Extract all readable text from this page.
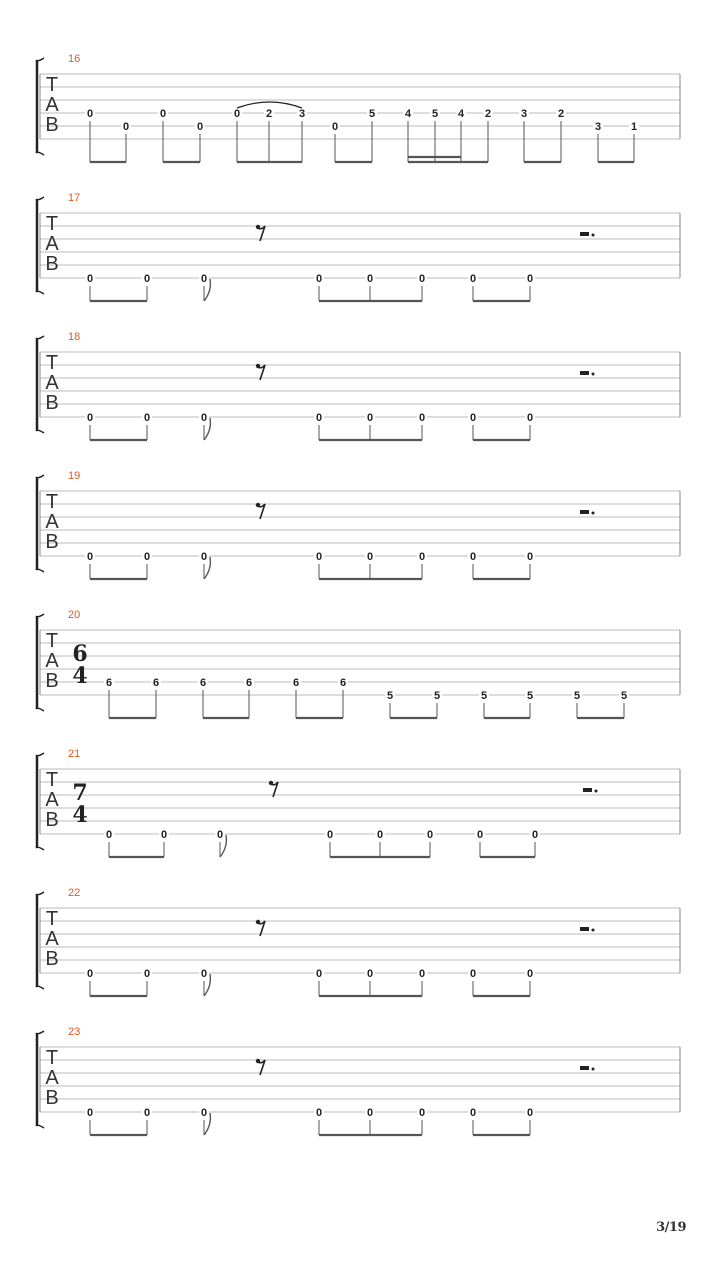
16
T
A
B	0
0
0
0
0 2 3
0
5	4 5 4 2	3	2
3	1
17
T
A
B
0	0	0	0	0	0	0	0
18
T
A
B
0	0	0	0	0	0	0	0
19
T
A
B
0	0	0	0	0	0	0	0
20
T
A
B
6
4 6	6	6	6	6	6
5	5	5	5	5	5
21
T
A
B
7
4
0	0	0	0	0	0	0	0
22
T
A
B
0	0	0	0	0	0	0	0
23
T
A
B
0	0	0	0	0	0	0	0
3/19
